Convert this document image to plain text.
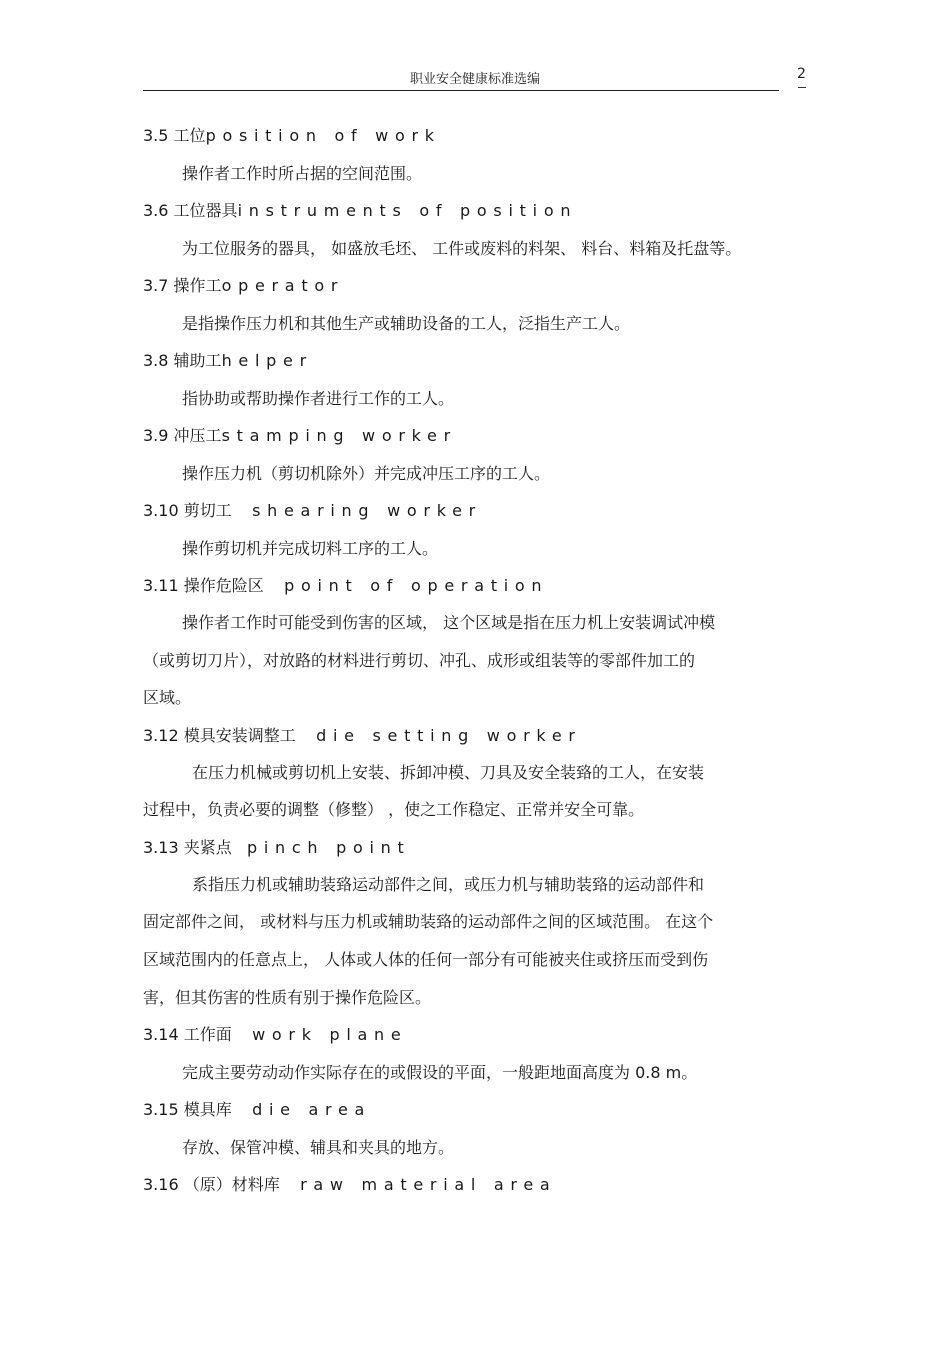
职业安全健康标准选编	2
3.5 工位position of work
操作者工作时所占据的空间范围。
3.6 工位器具instruments of position
为工位服务的器具， 如盛放毛坯、 工件或废料的料架、 料台、料箱及托盘等。
3.7 操作工operator
是指操作压力机和其他生产或辅助设备的工人，泛指生产工人。
3.8 辅助工helper
指协助或帮助操作者进行工作的工人。
3.9 冲压工stamping worker
操作压力机（剪切机除外）并完成冲压工序的工人。
3.10 剪切工 shearing worker
操作剪切机并完成切料工序的工人。
3.11 操作危险区 point of operation
操作者工作时可能受到伤害的区域， 这个区域是指在压力机上安装调试冲模
（或剪切刀片），对放路的材料进行剪切、冲孔、成形或组装等的零部件加工的
区域。
3.12 模具安装调整工 die setting worker
在压力机械或剪切机上安装、拆卸冲模、刀具及安全装臵的工人，在安装
过程中，负责必要的调整（修整） ，使之工作稳定、正常并安全可靠。
3.13 夹紧点 pinch point
系指压力机或辅助装臵运动部件之间，或压力机与辅助装臵的运动部件和
固定部件之间， 或材料与压力机或辅助装臵的运动部件之间的区域范围。 在这个
区域范围内的任意点上， 人体或人体的任何一部分有可能被夹住或挤压而受到伤
害，但其伤害的性质有别于操作危险区。
3.14 工作面 work plane
完成主要劳动动作实际存在的或假设的平面，一般距地面高度为 0.8 m。
3.15 模具库 die area
存放、保管冲模、辅具和夹具的地方。
3.16 （原）材料库 raw material area
